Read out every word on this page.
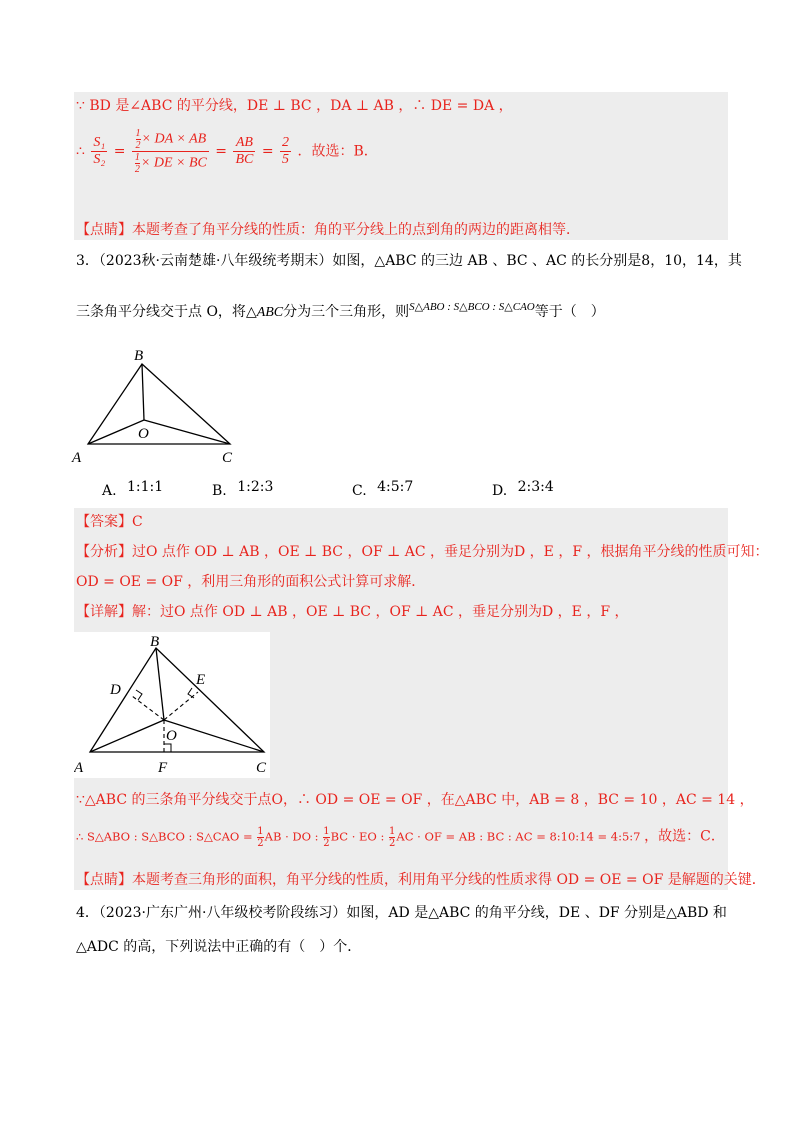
∵ BD 是∠ABC 的平分线，DE ⊥ BC ，DA ⊥ AB ，∴ DE = DA ，
∴ $\frac{\text{S₁}}{\text{S₂}} = \frac{\frac{1}{2} \times DA \times AB}{\frac{1}{2} \times DE \times BC} = \frac{AB}{BC} = \frac{2}{5}$ ．故选：B．
【点睛】本题考查了角平分线的性质：角的平分线上的点到角的两边的距离相等．
3．（2023秋·云南楚雄·八年级统考期末）如图，△ABC 的三边 AB 、BC 、AC 的长分别是8，10，14，其
三条角平分线交于点 O，将△ABC分为三个三角形，则$^{S\triangle ABO : S\triangle BCO : S\triangle CAO}$等于（　）
A
B
C
O
A. 1:1:1	B. 1:2:3	C. 4:5:7	D. 2:3:4
【答案】C
【分析】过O 点作 OD ⊥ AB ，OE ⊥ BC ，OF ⊥ AC ，垂足分别为D ，E ，F ，根据角平分线的性质可知：
OD = OE = OF ，利用三角形的面积公式计算可求解．
【详解】解：过O 点作 OD ⊥ AB ，OE ⊥ BC ，OF ⊥ AC ，垂足分别为D ，E ，F ，
A
B
C
D
E
F
O
∵△ABC 的三条角平分线交于点O，∴ OD = OE = OF ，在△ABC 中，AB = 8 ，BC = 10 ，AC = 14 ，
∴ S△ABO : S△BCO : S△CAO = $\frac{1}{2}$ AB · DO : $\frac{1}{2}$ BC · EO : $\frac{1}{2}$ AC · OF = AB : BC : AC = 8:10:14 = 4:5:7 ，故选：C．
【点睛】本题考查三角形的面积，角平分线的性质，利用角平分线的性质求得 OD = OE = OF 是解题的关键．
4．（2023·广东广州·八年级校考阶段练习）如图，AD 是△ABC 的角平分线，DE 、DF 分别是△ABD 和
△ADC 的高，下列说法中正确的有（　）个．
